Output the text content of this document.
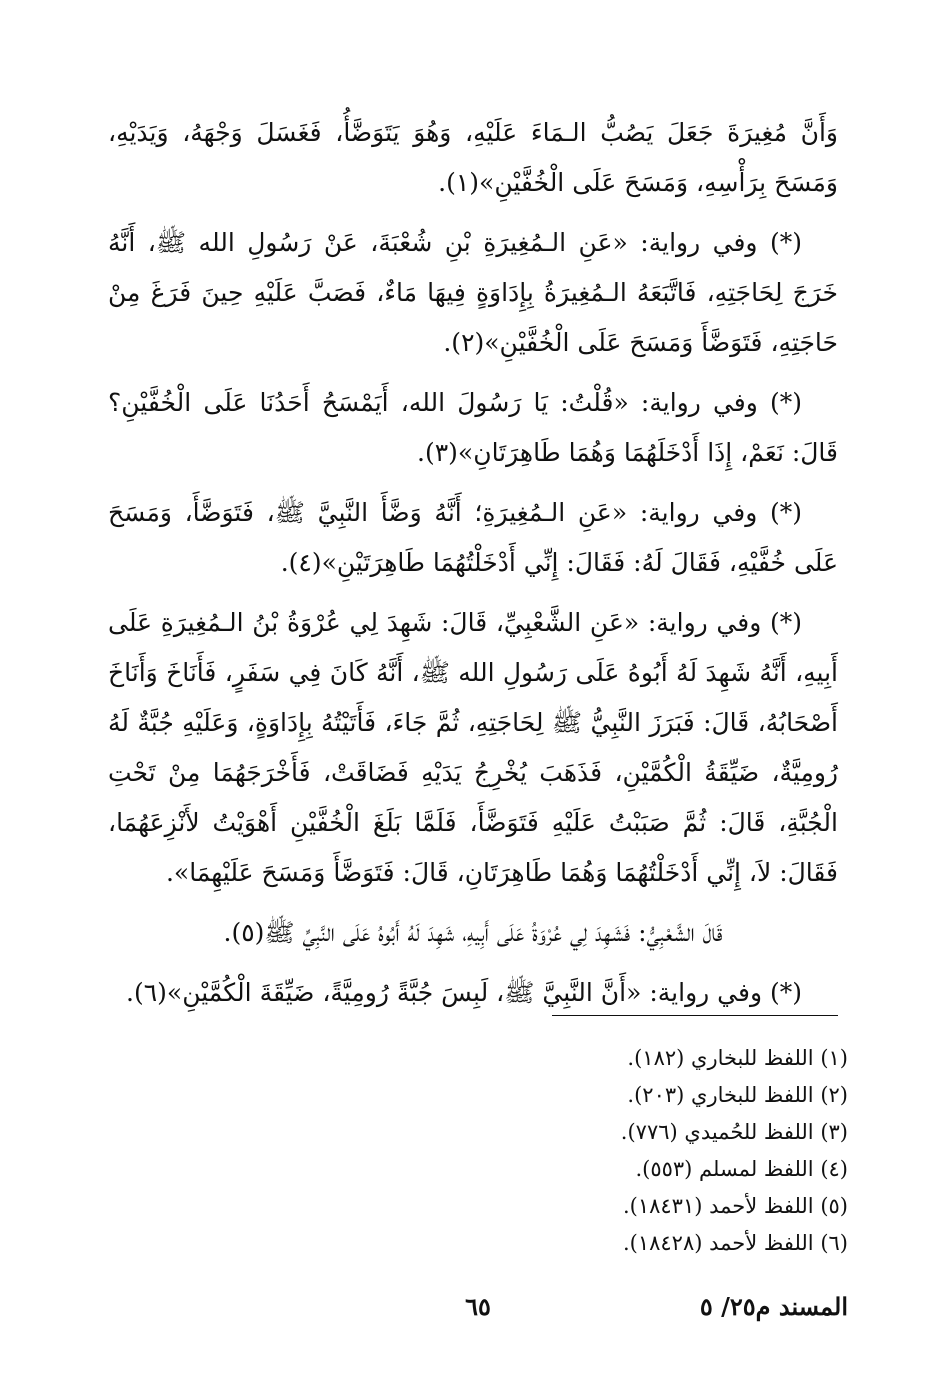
وَأَنَّ مُغِيرَةَ جَعَلَ يَصُبُّ الـمَاءَ عَلَيْهِ، وَهُوَ يَتَوَضَّأُ، فَغَسَلَ وَجْهَهُ، وَيَدَيْهِ، وَمَسَحَ بِرَأْسِهِ، وَمَسَحَ عَلَى الْخُفَّيْنِ»(١).

(*) وفي رواية: «عَنِ الـمُغِيرَةِ بْنِ شُعْبَةَ، عَنْ رَسُولِ الله ﷺ، أَنَّهُ خَرَجَ لِحَاجَتِهِ، فَاتَّبَعَهُ الـمُغِيرَةُ بِإِدَاوَةٍ فِيهَا مَاءٌ، فَصَبَّ عَلَيْهِ حِينَ فَرَغَ مِنْ حَاجَتِهِ، فَتَوَضَّأَ وَمَسَحَ عَلَى الْخُفَّيْنِ»(٢).

(*) وفي رواية: «قُلْتُ: يَا رَسُولَ الله، أَيَمْسَحُ أَحَدُنَا عَلَى الْخُفَّيْنِ؟ قَالَ: نَعَمْ، إِذَا أَدْخَلَهُمَا وَهُمَا طَاهِرَتَانِ»(٣).

(*) وفي رواية: «عَنِ الـمُغِيرَةِ؛ أَنَّهُ وَضَّأَ النَّبِيَّ ﷺ، فَتَوَضَّأَ، وَمَسَحَ عَلَى خُفَّيْهِ، فَقَالَ لَهُ: فَقَالَ: إِنِّي أَدْخَلْتُهُمَا طَاهِرَتَيْنِ»(٤).

(*) وفي رواية: «عَنِ الشَّعْبِيِّ، قَالَ: شَهِدَ لِي عُرْوَةُ بْنُ الـمُغِيرَةِ عَلَى أَبِيهِ، أَنَّهُ شَهِدَ لَهُ أَبُوهُ عَلَى رَسُولِ الله ﷺ، أَنَّهُ كَانَ فِي سَفَرٍ، فَأَنَاخَ وَأَنَاخَ أَصْحَابُهُ، قَالَ: فَبَرَزَ النَّبِيُّ ﷺ لِحَاجَتِهِ، ثُمَّ جَاءَ، فَأَتَيْتُهُ بِإِدَاوَةٍ، وَعَلَيْهِ جُبَّةٌ لَهُ رُومِيَّةٌ، ضَيِّقَةُ الْكُمَّيْنِ، فَذَهَبَ يُخْرِجُ يَدَيْهِ فَضَاقَتْ، فَأَخْرَجَهُمَا مِنْ تَحْتِ الْجُبَّةِ، قَالَ: ثُمَّ صَبَبْتُ عَلَيْهِ فَتَوَضَّأَ، فَلَمَّا بَلَغَ الْخُفَّيْنِ أَهْوَيْتُ لأَنْزِعَهُمَا، فَقَالَ: لاَ، إِنِّي أَدْخَلْتُهُمَا وَهُمَا طَاهِرَتَانِ، قَالَ: فَتَوَضَّأَ وَمَسَحَ عَلَيْهِمَا».

قَالَ الشَّعْبِيُّ: فَشَهِدَ لِي عُرْوَةُ عَلَى أَبِيهِ، شَهِدَ لَهُ أَبُوهُ عَلَى النَّبِيِّ ﷺ(٥).

(*) وفي رواية: «أَنَّ النَّبِيَّ ﷺ، لَبِسَ جُبَّةً رُومِيَّةً، ضَيِّقَةَ الْكُمَّيْنِ»(٦).

(١) اللفظ للبخاري (١٨٢).
(٢) اللفظ للبخاري (٢٠٣).
(٣) اللفظ للحُميدي (٧٧٦).
(٤) اللفظ لمسلم (٥٥٣).
(٥) اللفظ لأحمد (١٨٤٣١).
(٦) اللفظ لأحمد (١٨٤٢٨).
المسند م٢٥/ ٥
٦٥
